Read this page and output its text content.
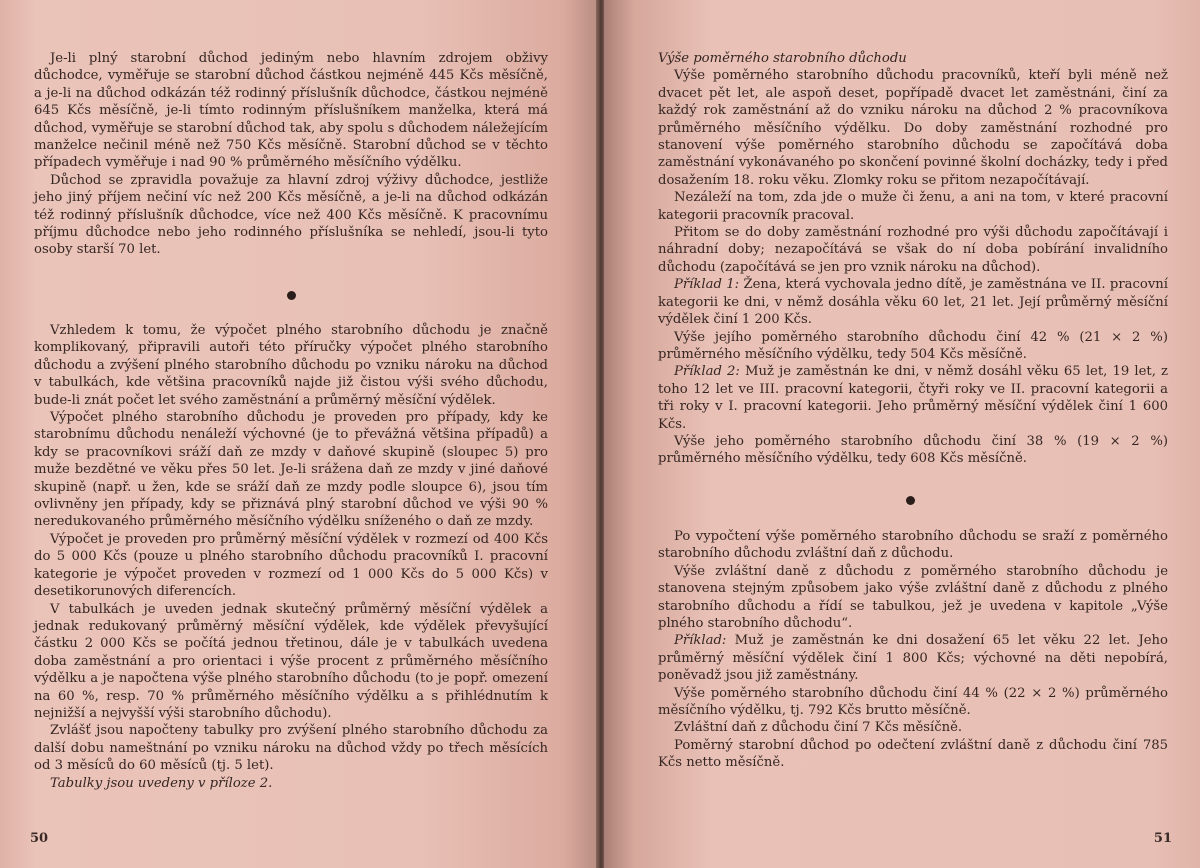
Je-li plný starobní důchod jediným nebo hlavním zdrojem obživy důchodce, vyměřuje se starobní důchod částkou nejméně 445 Kčs měsíčně, a je-li na důchod odkázán též rodinný příslušník důchodce, částkou nejméně 645 Kčs měsíčně, je-li tímto rodinným příslušníkem manželka, která má důchod, vyměřuje se starobní důchod tak, aby spolu s důchodem náležejícím manželce nečinil méně než 750 Kčs měsíčně. Starobní důchod se v těchto případech vyměřuje i nad 90 % průměrného měsíčního výdělku.

Důchod se zpravidla považuje za hlavní zdroj výživy důchodce, jestliže jeho jiný příjem nečiní víc než 200 Kčs měsíčně, a je-li na důchod odkázán též rodinný příslušník důchodce, více než 400 Kčs měsíčně. K pracovnímu příjmu důchodce nebo jeho rodinného příslušníka se nehledí, jsou-li tyto osoby starší 70 let.

Vzhledem k tomu, že výpočet plného starobního důchodu je značně komplikovaný, připravili autoři této příručky výpočet plného starobního důchodu a zvýšení plného starobního důchodu po vzniku nároku na důchod v tabulkách, kde většina pracovníků najde již čistou výši svého důchodu, bude-li znát počet let svého zaměstnání a průměrný měsíční výdělek.

Výpočet plného starobního důchodu je proveden pro případy, kdy ke starobnímu důchodu nenáleží výchovné (je to převážná většina případů) a kdy se pracovníkovi sráží daň ze mzdy v daňové skupině (sloupec 5) pro muže bezdětné ve věku přes 50 let. Je-li srážena daň ze mzdy v jiné daňové skupině (např. u žen, kde se sráží daň ze mzdy podle sloupce 6), jsou tím ovlivněny jen případy, kdy se přiznává plný starobní důchod ve výši 90 % neredukovaného průměrného měsíčního výdělku sníženého o daň ze mzdy.

Výpočet je proveden pro průměrný měsíční výdělek v rozmezí od 400 Kčs do 5 000 Kčs (pouze u plného starobního důchodu pracovníků I. pracovní kategorie je výpočet proveden v rozmezí od 1 000 Kčs do 5 000 Kčs) v desetikorunových diferencích.

V tabulkách je uveden jednak skutečný průměrný měsíční výdělek a jednak redukovaný průměrný měsíční výdělek, kde výdělek převyšující částku 2 000 Kčs se počítá jednou třetinou, dále je v tabulkách uvedena doba zaměstnání a pro orientaci i výše procent z průměrného měsíčního výdělku a je napočtena výše plného starobního důchodu (to je popř. omezení na 60 %, resp. 70 % průměrného měsíčního výdělku a s přihlédnutím k nejnižší a nejvyšší výši starobního důchodu).

Zvlášť jsou napočteny tabulky pro zvýšení plného starobního důchodu za další dobu nameštnání po vzniku nároku na důchod vždy po třech měsících od 3 měsíců do 60 měsíců (tj. 5 let).

Tabulky jsou uvedeny v příloze 2.

50

Výše poměrného starobního důchodu

Výše poměrného starobního důchodu pracovníků, kteří byli méně než dvacet pět let, ale aspoň deset, popřípadě dvacet let zaměstnáni, činí za každý rok zaměstnání až do vzniku nároku na důchod 2 % pracovníkova průměrného měsíčního výdělku. Do doby zaměstnání rozhodné pro stanovení výše poměrného starobního důchodu se započítává doba zaměstnání vykonávaného po skončení povinné školní docházky, tedy i před dosažením 18. roku věku. Zlomky roku se přitom nezapočítávají.

Nezáleží na tom, zda jde o muže či ženu, a ani na tom, v které pracovní kategorii pracovník pracoval.

Přitom se do doby zaměstnání rozhodné pro výši důchodu započítávají i náhradní doby; nezapočítává se však do ní doba pobírání invalidního důchodu (započítává se jen pro vznik nároku na důchod).

Příklad 1: Žena, která vychovala jedno dítě, je zaměstnána ve II. pracovní kategorii ke dni, v němž dosáhla věku 60 let, 21 let. Její průměrný měsíční výdělek činí 1 200 Kčs.

Výše jejího poměrného starobního důchodu činí 42 % (21 × 2 %) průměrného měsíčního výdělku, tedy 504 Kčs měsíčně.

Příklad 2: Muž je zaměstnán ke dni, v němž dosáhl věku 65 let, 19 let, z toho 12 let ve III. pracovní kategorii, čtyři roky ve II. pracovní kategorii a tři roky v I. pracovní kategorii. Jeho průměrný měsíční výdělek činí 1 600 Kčs.

Výše jeho poměrného starobního důchodu činí 38 % (19 × 2 %) průměrného měsíčního výdělku, tedy 608 Kčs měsíčně.

Po vypočtení výše poměrného starobního důchodu se sraží z poměrného starobního důchodu zvláštní daň z důchodu.

Výše zvláštní daně z důchodu z poměrného starobního důchodu je stanovena stejným způsobem jako výše zvláštní daně z důchodu z plného starobního důchodu a řídí se tabulkou, jež je uvedena v kapitole „Výše plného starobního důchodu“.

Příklad: Muž je zaměstnán ke dni dosažení 65 let věku 22 let. Jeho průměrný měsíční výdělek činí 1 800 Kčs; výchovné na děti nepobírá, poněvadž jsou již zaměstnány.

Výše poměrného starobního důchodu činí 44 % (22 × 2 %) průměrného měsíčního výdělku, tj. 792 Kčs brutto měsíčně.

Zvláštní daň z důchodu činí 7 Kčs měsíčně.

Poměrný starobní důchod po odečtení zvláštní daně z důchodu činí 785 Kčs netto měsíčně.

51
